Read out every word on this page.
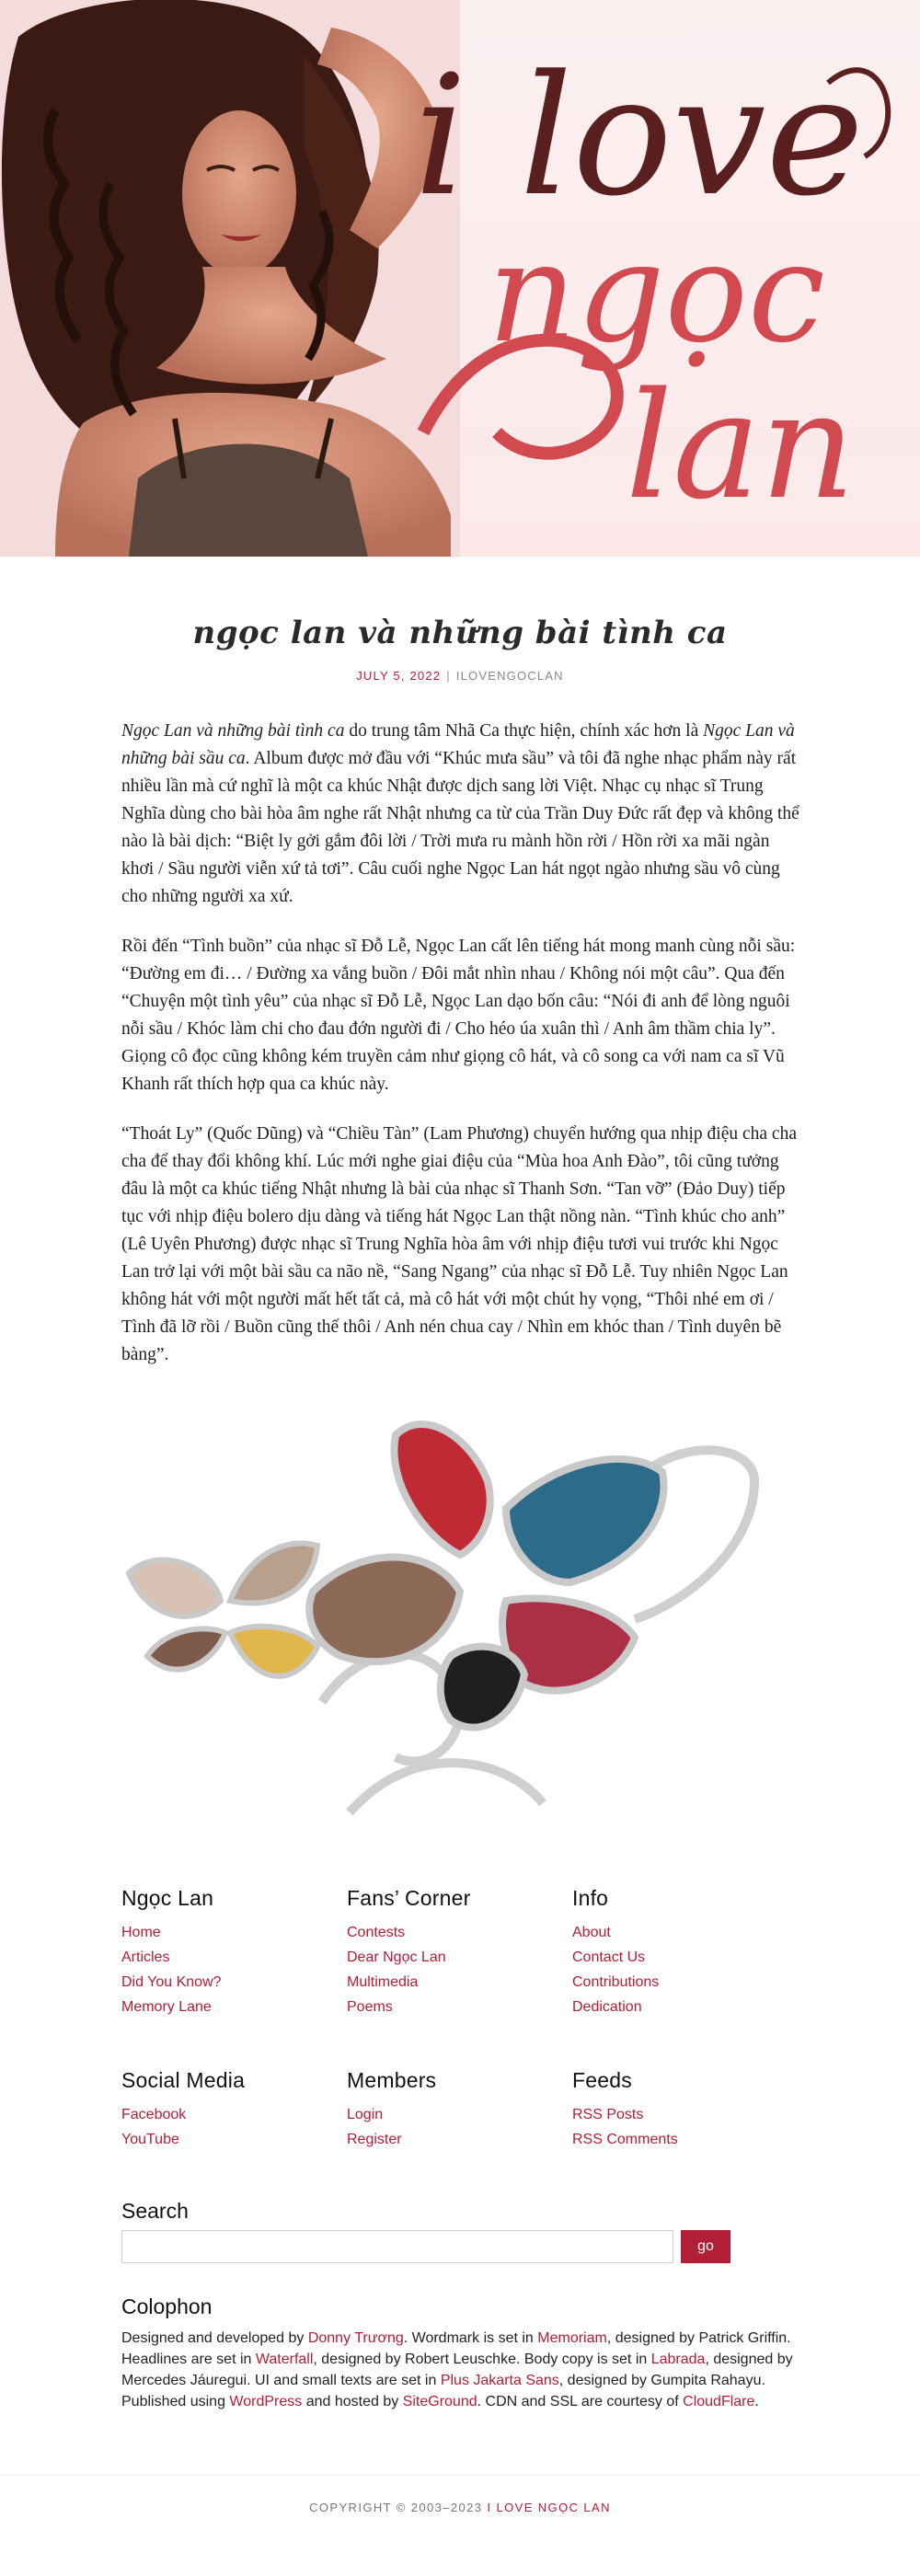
i love
ngọc
lan
ngọc lan và những bài tình ca
JULY 5, 2022 | ILOVENGOCLAN

Ngọc Lan và những bài tình ca do trung tâm Nhã Ca thực hiện, chính xác hơn là Ngọc Lan và những bài sầu ca. Album được mở đầu với “Khúc mưa sầu” và tôi đã nghe nhạc phẩm này rất nhiều lần mà cứ nghĩ là một ca khúc Nhật được dịch sang lời Việt. Nhạc cụ nhạc sĩ Trung Nghĩa dùng cho bài hòa âm nghe rất Nhật nhưng ca từ của Trần Duy Đức rất đẹp và không thể nào là bài dịch: “Biệt ly gởi gắm đôi lời / Trời mưa ru mành hồn rời / Hồn rời xa mãi ngàn khơi / Sầu người viễn xứ tả tơi”. Câu cuối nghe Ngọc Lan hát ngọt ngào nhưng sầu vô cùng cho những người xa xứ.

Rồi đến “Tình buồn” của nhạc sĩ Đỗ Lễ, Ngọc Lan cất lên tiếng hát mong manh cùng nỗi sầu: “Đường em đi… / Đường xa vắng buồn / Đôi mắt nhìn nhau / Không nói một câu”. Qua đến “Chuyện một tình yêu” của nhạc sĩ Đỗ Lễ, Ngọc Lan dạo bốn câu: “Nói đi anh để lòng nguôi nỗi sầu / Khóc làm chi cho đau đớn người đi / Cho héo úa xuân thì / Anh âm thầm chia ly”. Giọng cô đọc cũng không kém truyền cảm như giọng cô hát, và cô song ca với nam ca sĩ Vũ Khanh rất thích hợp qua ca khúc này.

“Thoát Ly” (Quốc Dũng) và “Chiều Tàn” (Lam Phương) chuyển hướng qua nhịp điệu cha cha cha để thay đổi không khí. Lúc mới nghe giai điệu của “Mùa hoa Anh Đào”, tôi cũng tưởng đâu là một ca khúc tiếng Nhật nhưng là bài của nhạc sĩ Thanh Sơn. “Tan vỡ” (Đảo Duy) tiếp tục với nhịp điệu bolero dịu dàng và tiếng hát Ngọc Lan thật nồng nàn. “Tình khúc cho anh” (Lê Uyên Phương) được nhạc sĩ Trung Nghĩa hòa âm với nhịp điệu tươi vui trước khi Ngọc Lan trở lại với một bài sầu ca não nề, “Sang Ngang” của nhạc sĩ Đỗ Lễ. Tuy nhiên Ngọc Lan không hát với một người mất hết tất cả, mà cô hát với một chút hy vọng, “Thôi nhé em ơi / Tình đã lỡ rồi / Buồn cũng thế thôi / Anh nén chua cay / Nhìn em khóc than / Tình duyên bẽ bàng”.

Ngọc Lan
Home
Articles
Did You Know?
Memory Lane
Fans’ Corner
Contests
Dear Ngọc Lan
Multimedia
Poems
Info
About
Contact Us
Contributions
Dedication
Social Media
Facebook
YouTube
Members
Login
Register
Feeds
RSS Posts
RSS Comments
Search
go
Colophon
Designed and developed by Donny Trương. Wordmark is set in Memoriam, designed by Patrick Griffin. Headlines are set in Waterfall, designed by Robert Leuschke. Body copy is set in Labrada, designed by Mercedes Jáuregui. UI and small texts are set in Plus Jakarta Sans, designed by Gumpita Rahayu. Published using WordPress and hosted by SiteGround. CDN and SSL are courtesy of CloudFlare.
COPYRIGHT © 2003–2023 I LOVE NGỌC LAN
